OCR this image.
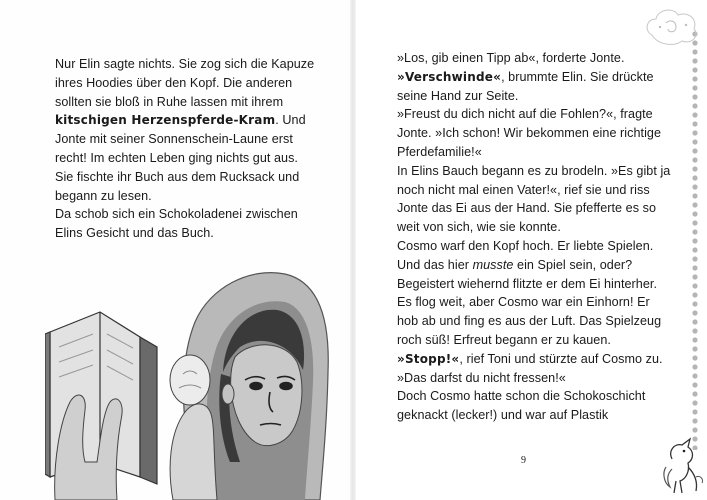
Nur Elin sagte nichts. Sie zog sich die Kapuze
ihres Hoodies über den Kopf. Die anderen
sollten sie bloß in Ruhe lassen mit ihrem
kitschigen Herzenspferde-Kram. Und
Jonte mit seiner Sonnenschein-Laune erst
recht! Im echten Leben ging nichts gut aus.
Sie fischte ihr Buch aus dem Rucksack und
begann zu lesen.
Da schob sich ein Schokoladenei zwischen
Elins Gesicht und das Buch.
»Los, gib einen Tipp ab«, forderte Jonte.
»Verschwinde«, brummte Elin. Sie drückte
seine Hand zur Seite.
»Freust du dich nicht auf die Fohlen?«, fragte
Jonte. »Ich schon! Wir bekommen eine richtige
Pferdefamilie!«
In Elins Bauch begann es zu brodeln. »Es gibt ja
noch nicht mal einen Vater!«, rief sie und riss
Jonte das Ei aus der Hand. Sie pfefferte es so
weit von sich, wie sie konnte.
Cosmo warf den Kopf hoch. Er liebte Spielen.
Und das hier musste ein Spiel sein, oder?
Begeistert wiehernd flitzte er dem Ei hinterher.
Es flog weit, aber Cosmo war ein Einhorn! Er
hob ab und fing es aus der Luft. Das Spielzeug
roch süß! Erfreut begann er zu kauen.
»Stopp!«, rief Toni und stürzte auf Cosmo zu.
»Das darfst du nicht fressen!«
Doch Cosmo hatte schon die Schokoschicht
geknackt (lecker!) und war auf Plastik
9
